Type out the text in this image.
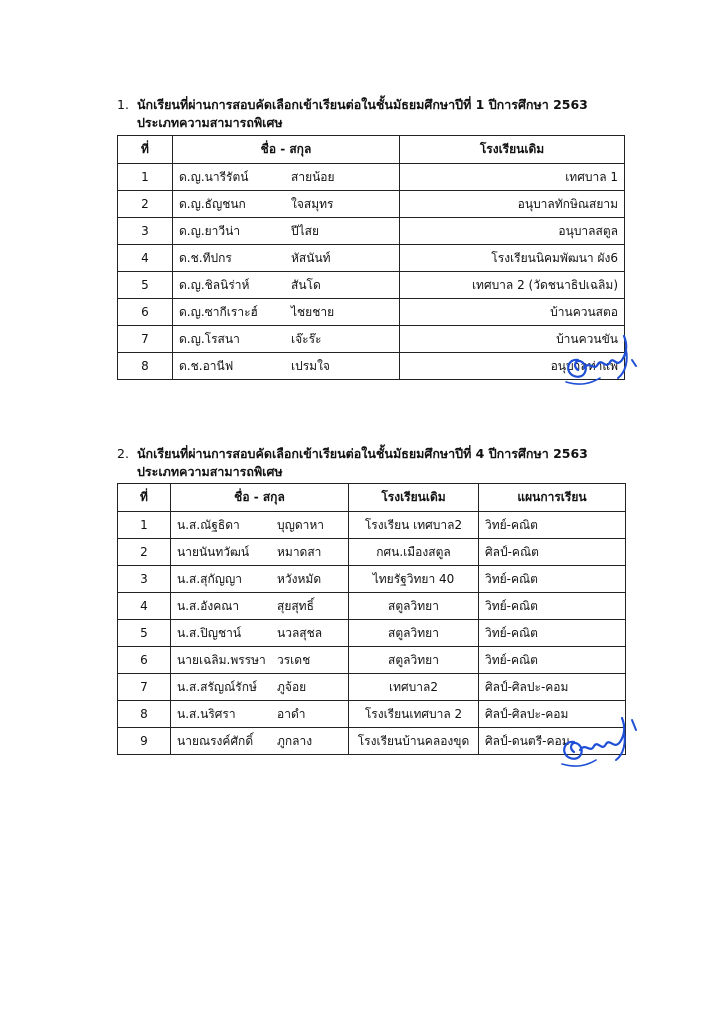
1. นักเรียนที่ผ่านการสอบคัดเลือกเข้าเรียนต่อในชั้นมัธยมศึกษาปีที่ 1 ปีการศึกษา 2563
ประเภทความสามารถพิเศษ
ที่	ชื่อ - สกุล	โรงเรียนเดิม
1	ด.ญ.นารีรัตน์ สายน้อย	เทศบาล 1
2	ด.ญ.ธัญชนก ใจสมุทร	อนุบาลทักษิณสยาม
3	ด.ญ.ยาวีน่า ปีไสย	อนุบาลสตูล
4	ด.ช.ทีปกร หัสนันท์	โรงเรียนนิคมพัฒนา ผัง6
5	ด.ญ.ชิลนิร่าห์ สันโด	เทศบาล 2 (วัดชนาธิปเฉลิม)
6	ด.ญ.ซากีเราะฮ์ ไชยชาย	บ้านควนสตอ
7	ด.ญ.โรสนา เจ๊ะร๊ะ	บ้านควนขัน
8	ด.ช.อานีฟ เปรมใจ	อนุบาลท่าแพ
2. นักเรียนที่ผ่านการสอบคัดเลือกเข้าเรียนต่อในชั้นมัธยมศึกษาปีที่ 4 ปีการศึกษา 2563
ประเภทความสามารถพิเศษ
ที่	ชื่อ - สกุล	โรงเรียนเดิม	แผนการเรียน
1	น.ส.ณัฐธิดา บุญดาหา	โรงเรียน เทศบาล2	วิทย์-คณิต
2	นายนันทวัฒน์ หมาดสา	กศน.เมืองสตูล	ศิลป์-คณิต
3	น.ส.สุกัญญา หวังหมัด	ไทยรัฐวิทยา 40	วิทย์-คณิต
4	น.ส.อังคณา สุยสุทธิ์	สตูลวิทยา	วิทย์-คณิต
5	น.ส.ปิญชาน์ นวลสุชล	สตูลวิทยา	วิทย์-คณิต
6	นายเฉลิม.พรรษา วรเดช	สตูลวิทยา	วิทย์-คณิต
7	น.ส.สรัญณ์รักษ์ ภูจ้อย	เทศบาล2	ศิลป์-ศิลปะ-คอม
8	น.ส.นริศรา อาดำ	โรงเรียนเทศบาล 2	ศิลป์-ศิลปะ-คอม
9	นายณรงค์ศักดิ์ ภูกลาง	โรงเรียนบ้านคลองขุด	ศิลป์-ดนตรี-คอม
